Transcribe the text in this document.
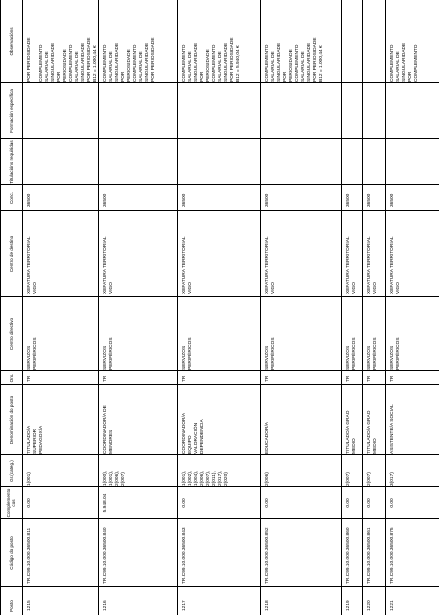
Posto
Código do posto
Complemento
cos
Gr.(categ.)
Denominación do posto
Orx.
Centro directivo
Centro de destino
Conc.
Titulacións requiridas
Formación específica
Observacións
1215
TR.C99.10.000.36500.811
0.00
1(001)
TITULADO/A
SUPERIOR
PEDAGOXÍA
TR
SERVIZOS
PERIFÉRICOS
XEFATURA TERRITORIAL
VIGO
36500
POR PERIOSIDADE

COMPLEMENTO
SALARIAL DE
SINGULARIDADE
POR
PERIOSIDADE
COMPLEMENTO
SALARIAL DE
SINGULARIDADE
POR PERIOSIDADE
B12 = 1.000,44 €
1216
TR.C99.10.000.36500.840
5.948.04
1(000),
1(001),
2(006),
2(007)
COORDINADOR/A DE
MENORES
TR
SERVIZOS
PERIFÉRICOS
XEFATURA TERRITORIAL
VIGO
36500
COMPLEMENTO
SALARIAL DE
SINGULARIDADE
POR
PERIOSIDADE
COMPLEMENTO
SALARIAL DE
SINGULARIDADE
POR PERIOSIDADE
1217
TR.C99.10.000.36500.843
0.00
1(001),
1(002),
1(004),
2(006),
2(007),
2(011),
2(017),
2(020)
COORDINADOR/A
EQUIPO
VALORACIÓN
DEPENDENCIA
TR
SERVIZOS
PERIFÉRICOS
XEFATURA TERRITORIAL
VIGO
36500
COMPLEMENTO
SALARIAL DE
SINGULARIDADE
POR
PERIOSIDADE
COMPLEMENTO
SALARIAL DE
SINGULARIDADE
POR PERIOSIDADE
B12 = 5.940,04 €
1218
TR.C99.10.000.36500.852
0.00
2(006)
EDUCADOR/A
TR
SERVIZOS
PERIFÉRICOS
XEFATURA TERRITORIAL
VIGO
36500
COMPLEMENTO
SALARIAL DE
SINGULARIDADE
POR
PERIOSIDADE
COMPLEMENTO
SALARIAL DE
SINGULARIDADE
POR PERIOSIDADE
B12 = 1.000,44 €
1219
TR.C99.10.000.36500.860
0.00
2(007)
TITULADO/A GRAO
MEDIO
TR
SERVIZOS
PERIFÉRICOS
XEFATURA TERRITORIAL
VIGO
36500
1220
TR.C99.10.000.36500.861
0.00
2(007)
TITULADO/A GRAO
MEDIO
TR
SERVIZOS
PERIFÉRICOS
XEFATURA TERRITORIAL
VIGO
36500
1221
TR.C99.10.000.36500.875
0.00
3(017)
ASISTENTE/A SOCIAL
TR
SERVIZOS
PERIFÉRICOS
XEFATURA TERRITORIAL
VIGO
36500
COMPLEMENTO
SALARIAL DE
SINGULARIDADE
POR
COMPLEMENTO
